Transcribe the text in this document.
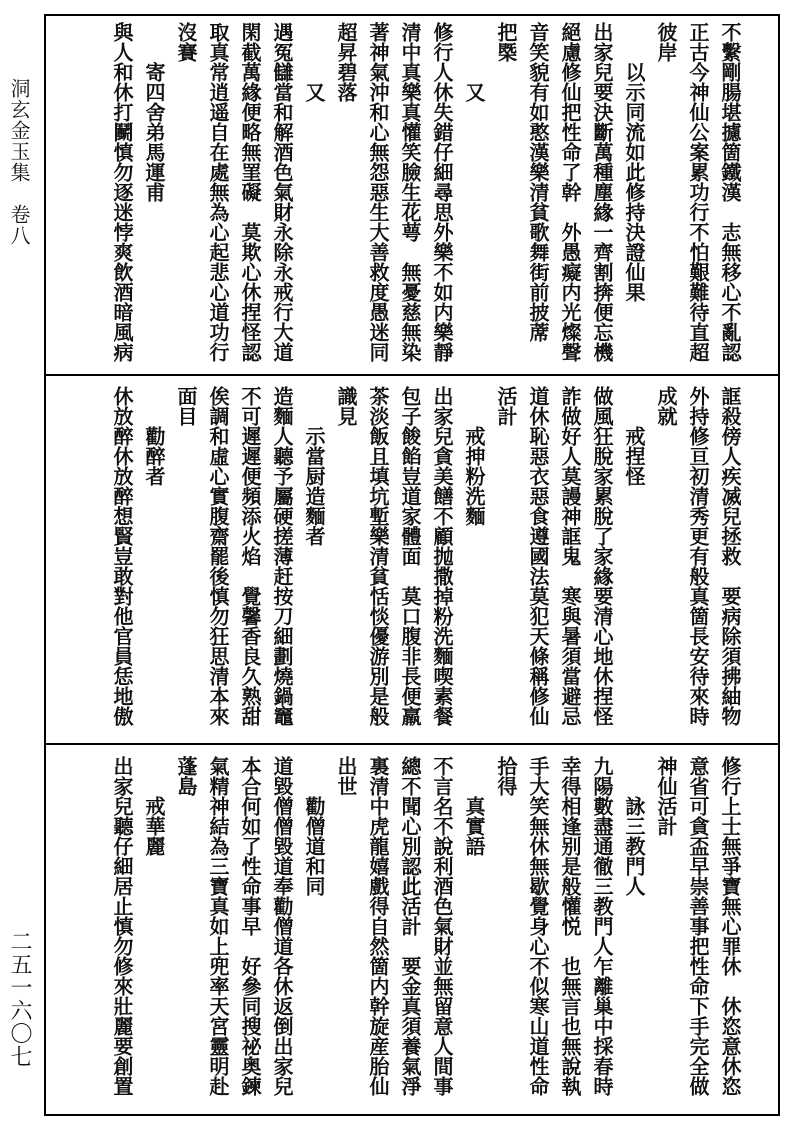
洞玄金玉集　卷八
二五一六〇七
不繫剛腸堪攄箇鐵漢　志無移心不亂認
正古今神仙公案累功行不怕艱難待直超
彼岸
以示同流如此修持決證仙果
出家兒要決斷萬種塵緣一齊割捹便忘機
絕慮修仙把性命了幹　外愚癡内光燦聲
音笑貌有如憨漢樂清貧歌舞街前披蓆
把㮣
又
修行人休失錯仔細尋思外樂不如内樂靜
清中真樂真懽笑臉生花萼　無憂慈無染
著神氣沖和心無怨惡生大善救度愚迷同
超昇碧落
又
遇冤讎當和解酒色氣財永除永戒行大道
閑截萬緣便略無罣礙　莫欺心休捏怪認
取真常逍遥自在處無為心起悲心道功行
沒賽
寄四舍弟馬運甫
與人和休打鬭慎勿逐迷悖爽飲酒暗風病
誆殺傍人疾㓕兒拯救　要病除須拂紬物
外持修亘初清秀更有般真箇長安待來時
成就
戒捏怪
做風狂脫家累脫了家緣要清心地休捏怪
詐做好人莫謾神誆鬼　寒與暑須當避忌
道休恥惡衣惡食遵國法莫犯天條稱修仙
活計
戒抻粉洗麵
出家兒貪美饍不顧抛撒掉粉洗麵喫素餐
包子餕餡豈道家體面　莫口腹非長便羸
茶淡飯且填坑塹樂清貧恬惔優游別是般
識見
示當厨造麵者
造麵人聽予屬硬搓薄赶按刀細劃燒鍋竈
不可遲遲便頻添火焰　覺馨香良久熟甜
俟調和虛心實腹齋罷後慎勿狂思清本來
面目
勸醉者
休放醉休放醉想賢豈敢對他官員恁地傲
修行上士無爭寶無心罪休　休恣意休恣
意省可貪盃早崇善事把性命下手完全做
神仙活計
詠三教門人
九陽數盡通徹三教門人乍離巢中採春時
幸得相逢别是般懽悦　也無言也無說執
手大笑無休無歇覺身心不似寒山道性命
拾得
真實語
不言名不說利酒色氣財並無留意人間事
總不聞心別認此活計　要金真須養氣淨
裏清中虎龍嬉戲得自然箇内幹旋産胎仙
出世
勸僧道和同
道毀僧僧毀道奉勸僧道各休返倒出家兒
本合何如了性命事早　好參同搜祕奥鍊
氣精神結為三寶真如上兜率天宮靈明赴
蓬島
戒華麗
出家兒聽仔細居止慎勿修來壯麗要創置
